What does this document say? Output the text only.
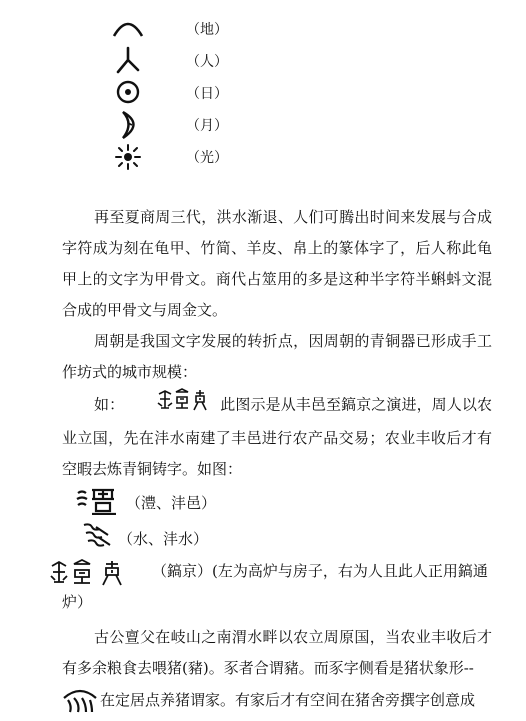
（地）
（人）
（日）
（月）
（光）

再至夏商周三代，洪水渐退、人们可腾出时间来发展与合成字符成为刻在龟甲、竹简、羊皮、帛上的篆体字了，后人称此龟甲上的文字为甲骨文。商代占筮用的多是这种半字符半蝌蚪文混合成的甲骨文与周金文。

周朝是我国文字发展的转折点，因周朝的青铜器已形成手工作坊式的城市规模：

如：	此图示是从丰邑至鎬京之演进，周人以农业立国，先在沣水南建了丰邑进行农产品交易；农业丰收后才有空暇去炼青铜铸字。如图：

（澧、沣邑）
（水、沣水）
（鎬京）(左为高炉与房子，右为人且此人正用鎬通
炉）

古公亶父在岐山之南渭水畔以农立周原国，当农业丰收后才有多余粮食去喂猪(豬)。豕者合谓豬。而豕字侧看是猪状象形--

在定居点养猪谓家。有家后才有空间在猪舍旁撰字创意成
